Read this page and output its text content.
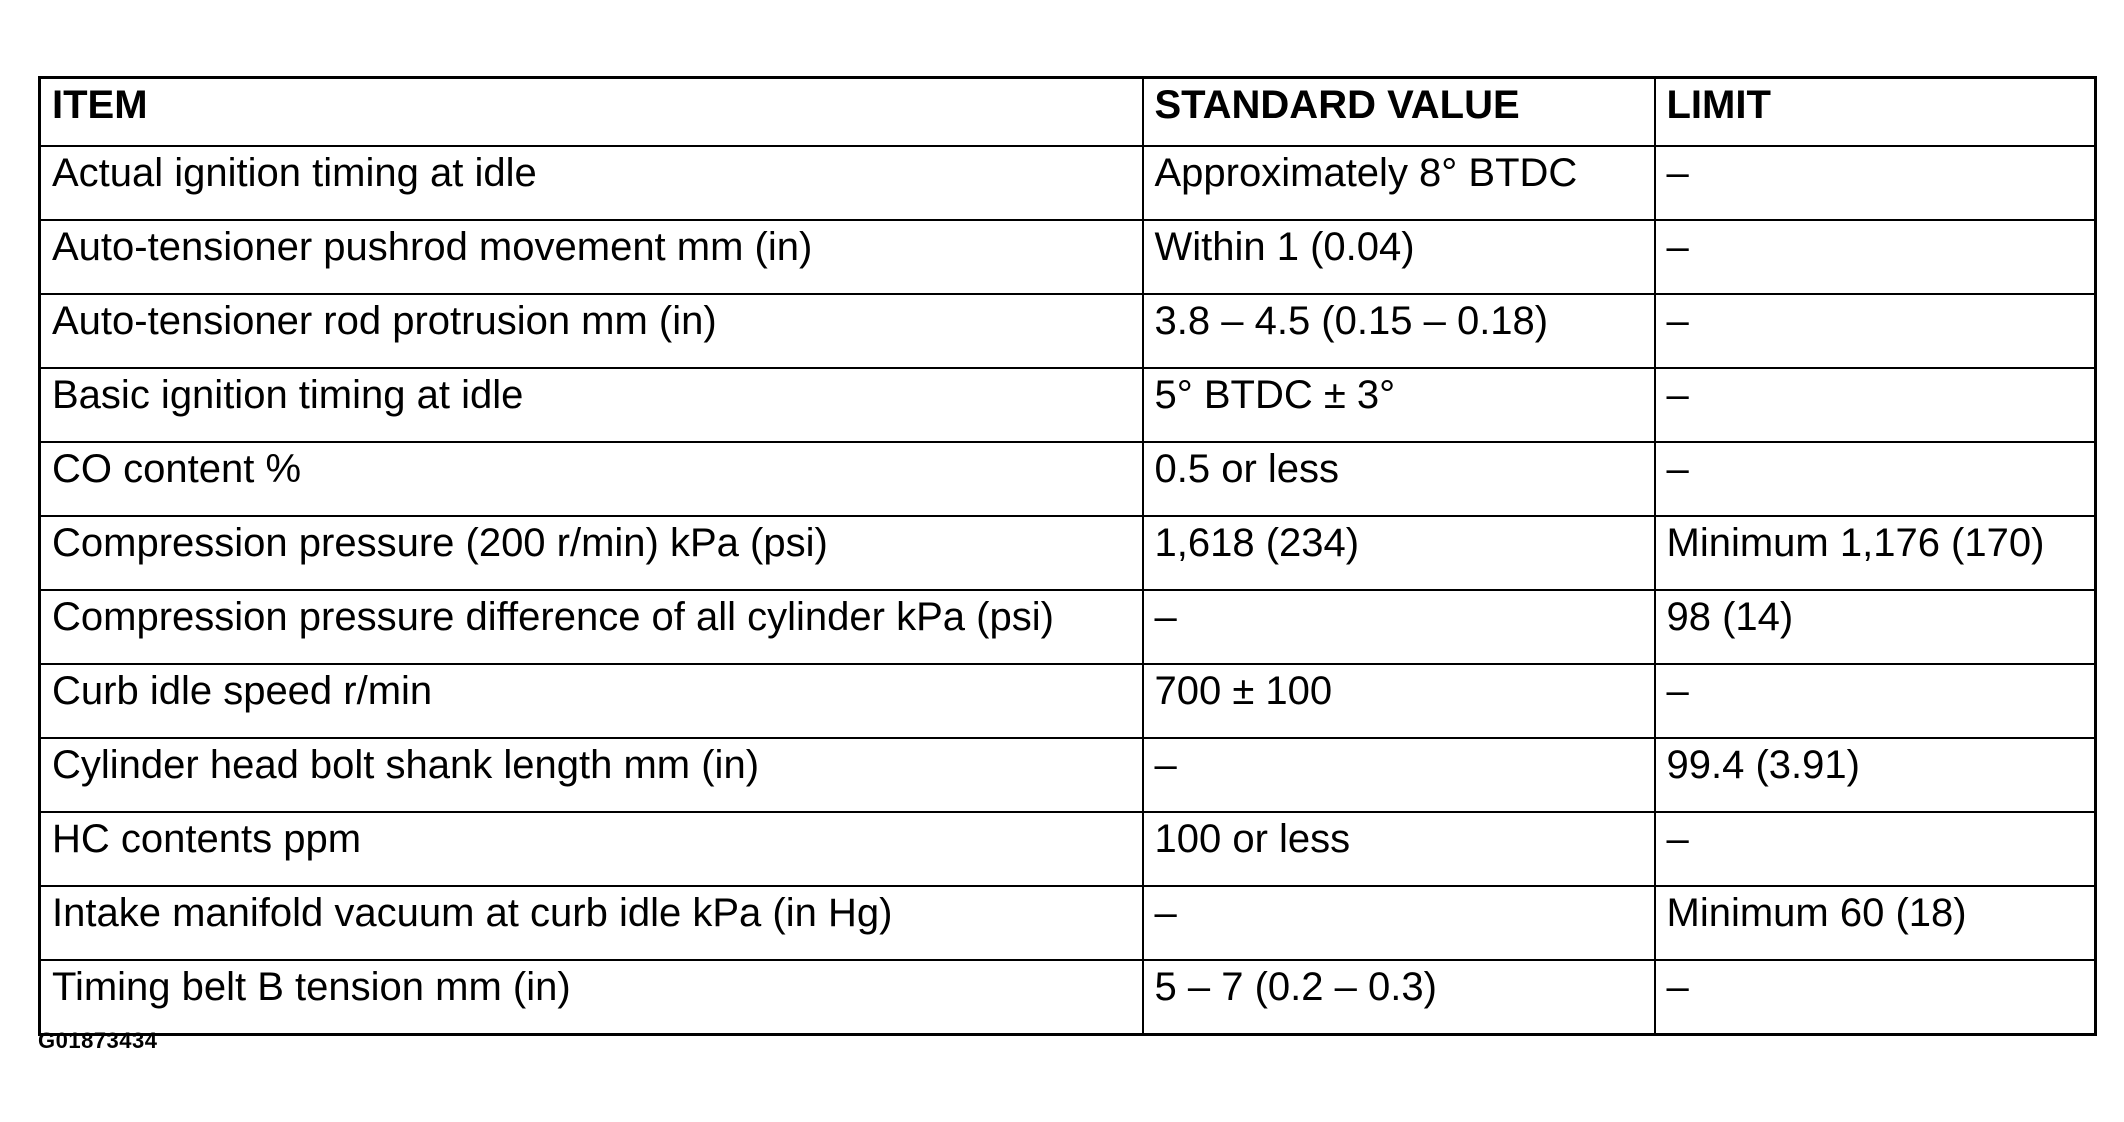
ITEM	STANDARD VALUE	LIMIT
Actual ignition timing at idle	Approximately 8° BTDC	–
Auto-tensioner pushrod movement mm (in)	Within 1 (0.04)	–
Auto-tensioner rod protrusion mm (in)	3.8 – 4.5 (0.15 – 0.18)	–
Basic ignition timing at idle	5° BTDC ± 3°	–
CO content %	0.5 or less	–
Compression pressure (200 r/min) kPa (psi)	1,618 (234)	Minimum 1,176 (170)
Compression pressure difference of all cylinder kPa (psi)	–	98 (14)
Curb idle speed r/min	700 ± 100	–
Cylinder head bolt shank length mm (in)	–	99.4 (3.91)
HC contents ppm	100 or less	–
Intake manifold vacuum at curb idle kPa (in Hg)	–	Minimum 60 (18)
Timing belt B tension mm (in)	5 – 7 (0.2 – 0.3)	–
G01873434
